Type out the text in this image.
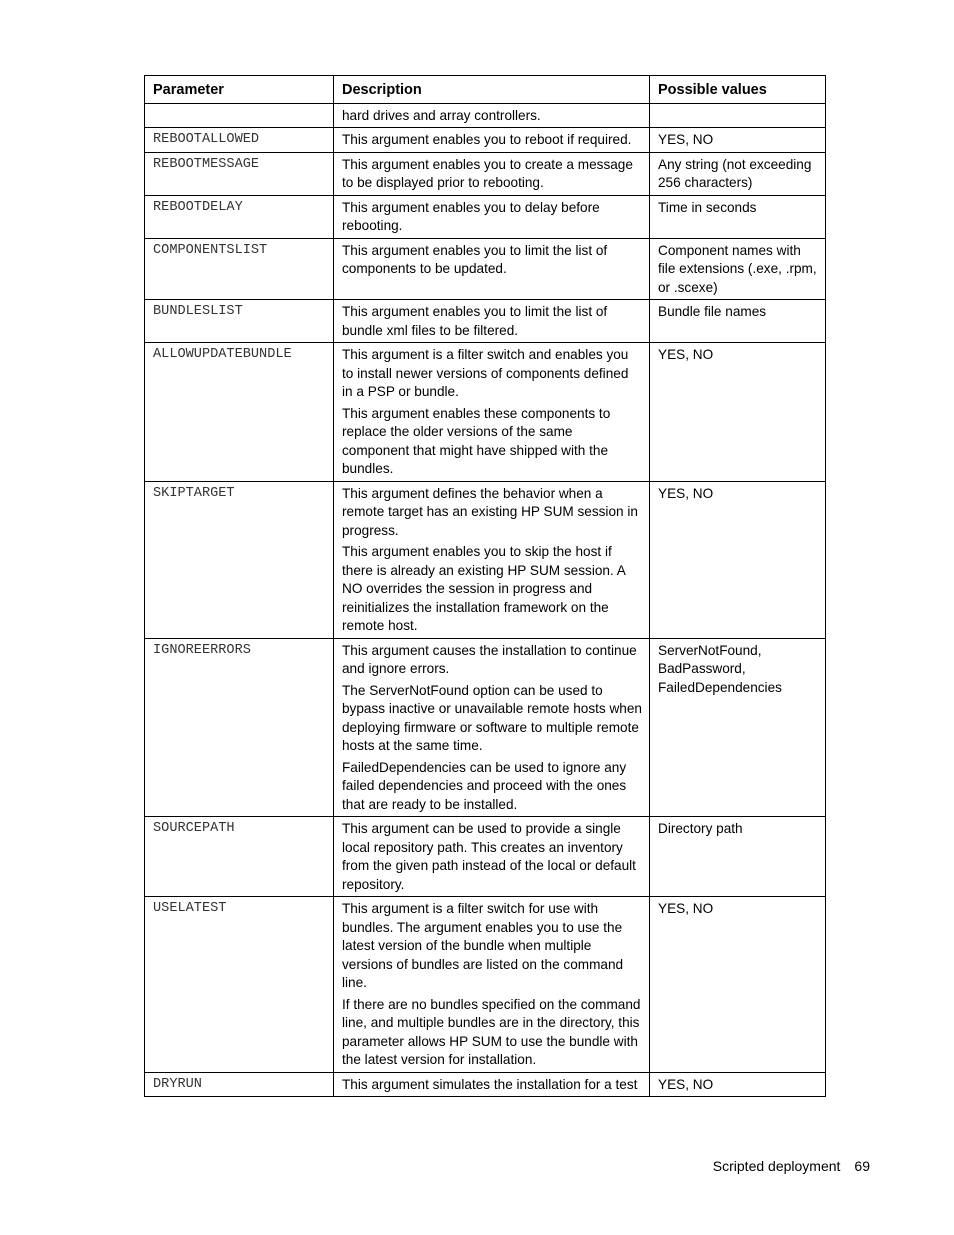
Parameter	Description	Possible values
	hard drives and array controllers.	
REBOOTALLOWED	This argument enables you to reboot if required.	YES, NO
REBOOTMESSAGE	This argument enables you to create a message to be displayed prior to rebooting.	Any string (not exceeding 256 characters)
REBOOTDELAY	This argument enables you to delay before rebooting.	Time in seconds
COMPONENTSLIST	This argument enables you to limit the list of components to be updated.	Component names with file extensions (.exe, .rpm, or .scexe)
BUNDLESLIST	This argument enables you to limit the list of bundle xml files to be filtered.	Bundle file names
ALLOWUPDATEBUNDLE	This argument is a filter switch and enables you to install newer versions of components defined in a PSP or bundle.

This argument enables these components to replace the older versions of the same component that might have shipped with the bundles.	YES, NO
SKIPTARGET	This argument defines the behavior when a remote target has an existing HP SUM session in progress.

This argument enables you to skip the host if there is already an existing HP SUM session. A NO overrides the session in progress and reinitializes the installation framework on the remote host.	YES, NO
IGNOREERRORS	This argument causes the installation to continue and ignore errors.

The ServerNotFound option can be used to bypass inactive or unavailable remote hosts when deploying firmware or software to multiple remote hosts at the same time.

FailedDependencies can be used to ignore any failed dependencies and proceed with the ones that are ready to be installed.	ServerNotFound, BadPassword, FailedDependencies
SOURCEPATH	This argument can be used to provide a single local repository path. This creates an inventory from the given path instead of the local or default repository.	Directory path
USELATEST	This argument is a filter switch for use with bundles. The argument enables you to use the latest version of the bundle when multiple versions of bundles are listed on the command line.

If there are no bundles specified on the command line, and multiple bundles are in the directory, this parameter allows HP SUM to use the bundle with the latest version for installation.	YES, NO
DRYRUN	This argument simulates the installation for a test	YES, NO
Scripted deployment 69
